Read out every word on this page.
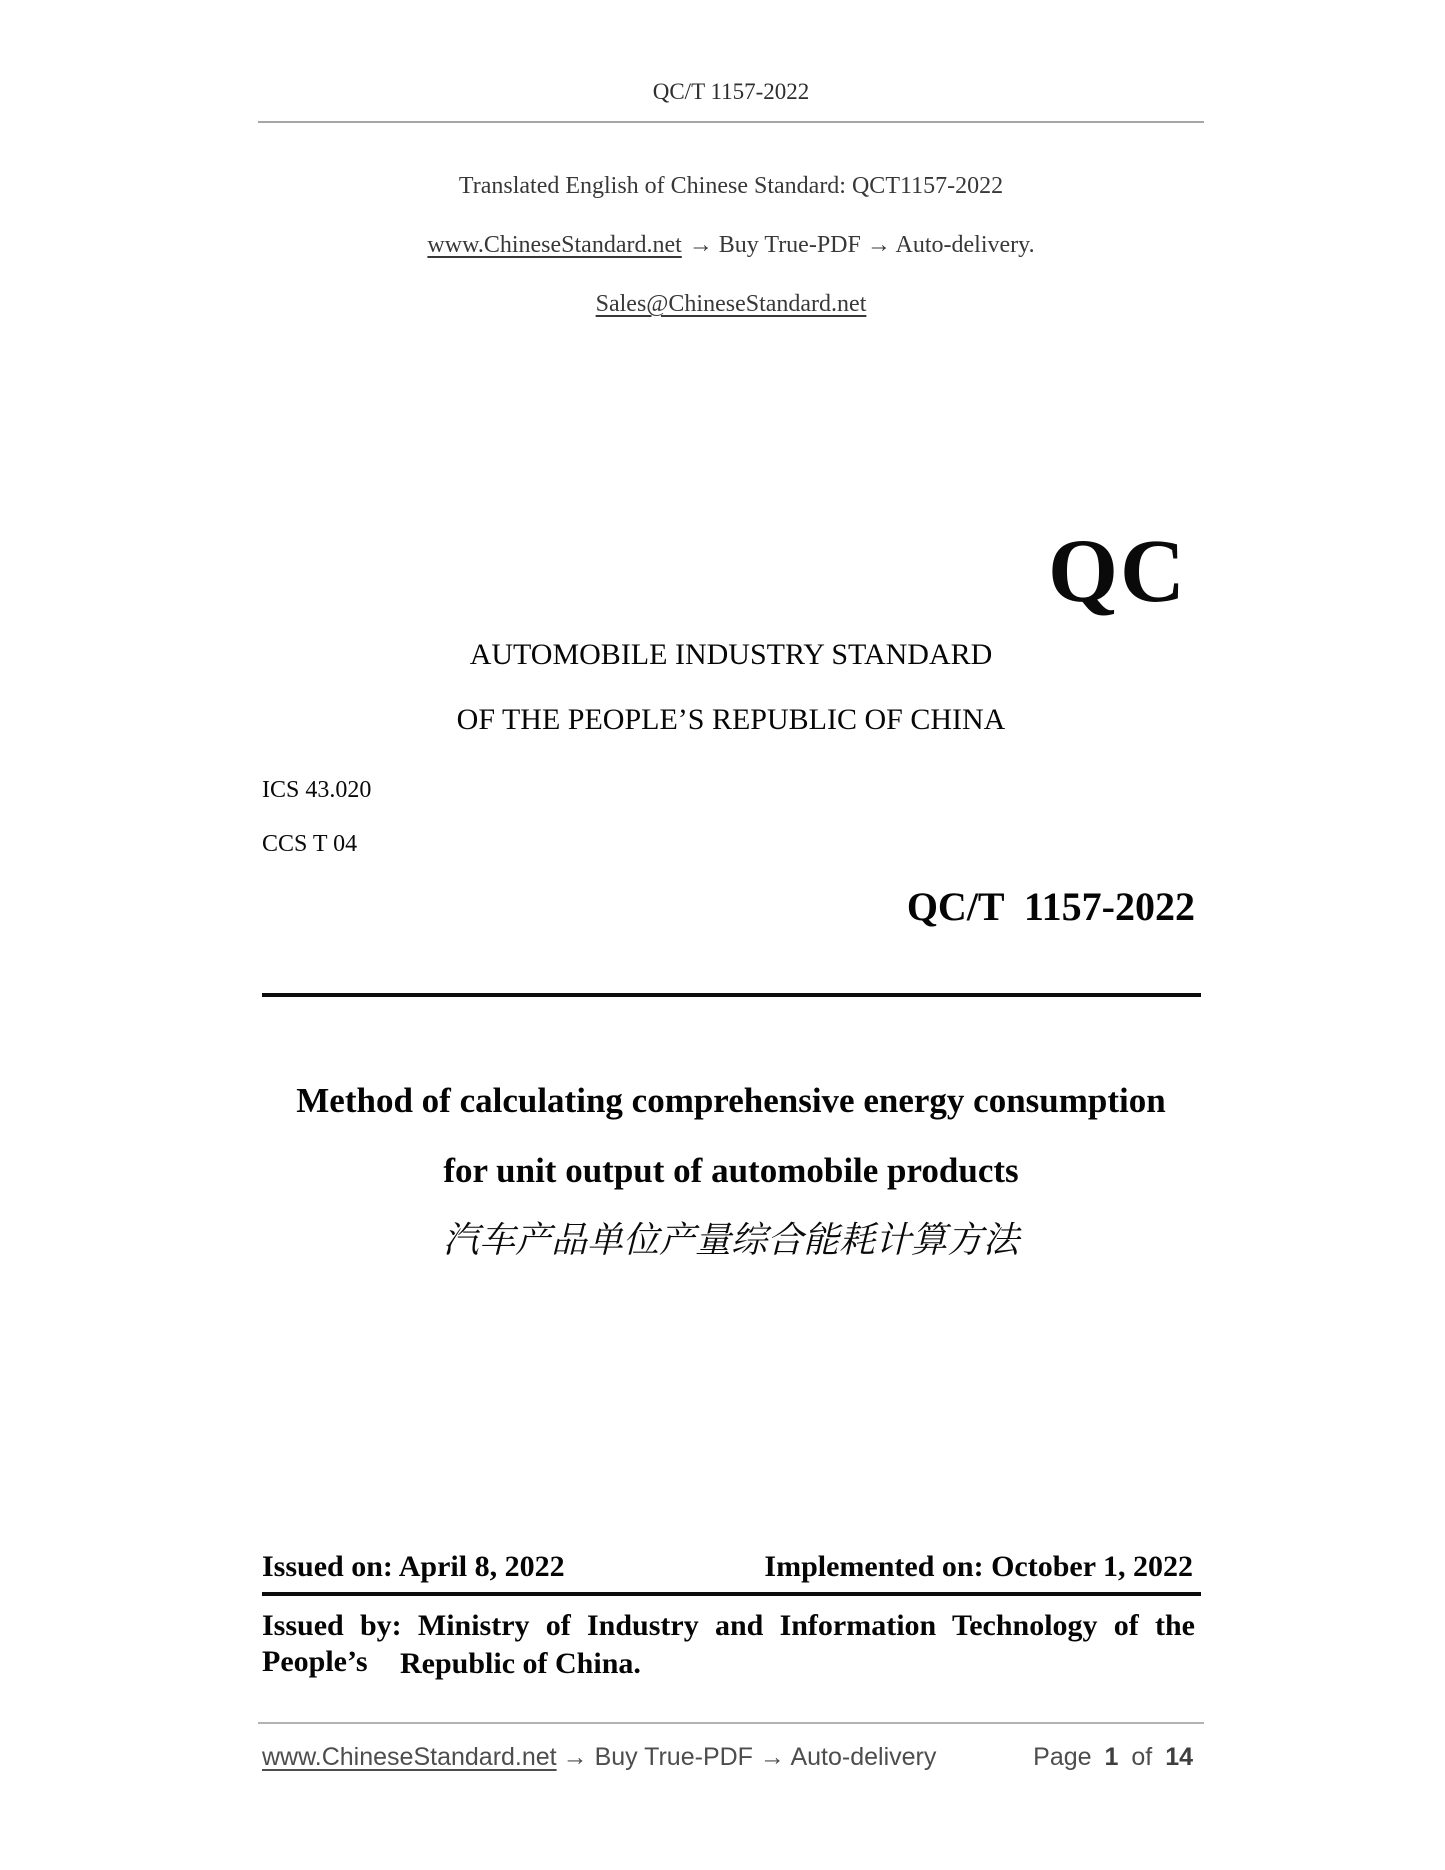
QC/T 1157-2022
Translated English of Chinese Standard: QCT1157-2022
www.ChineseStandard.net → Buy True-PDF → Auto-delivery.
Sales@ChineseStandard.net
QC
AUTOMOBILE INDUSTRY STANDARD
OF THE PEOPLE’S REPUBLIC OF CHINA
ICS 43.020
CCS T 04
QC/T  1157-2022
Method of calculating comprehensive energy consumption
for unit output of automobile products
汽车产品单位产量综合能耗计算方法
Issued on: April 8, 2022	Implemented on: October 1, 2022
Issued by: Ministry of Industry and Information Technology of the People’s	Republic of China.
www.ChineseStandard.net → Buy True-PDF → Auto-delivery	Page 1 of 14
